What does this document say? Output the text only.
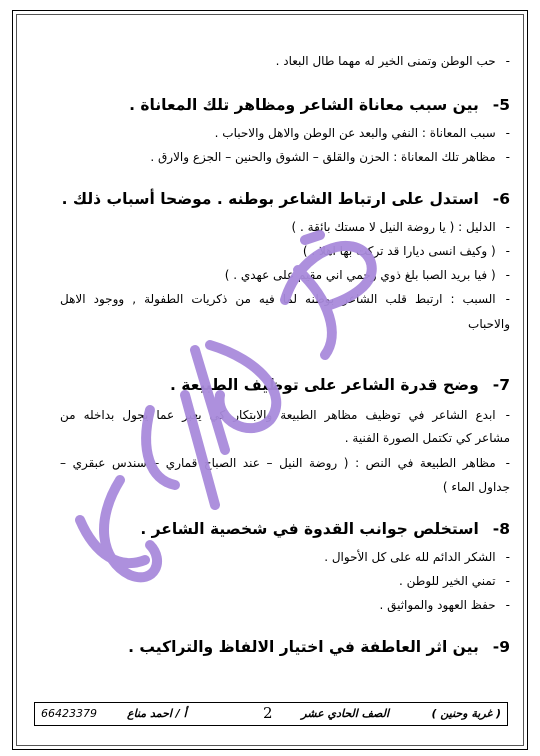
-حب الوطن وتمنى الخير له مهما طال البعاد .
5-بين سبب معاناة الشاعر ومظاهر تلك المعاناة .
-سبب المعاناة : النفي والبعد عن الوطن والاهل والاحباب .
-مظاهر تلك المعاناة : الحزن والقلق – الشوق والحنين – الجزع والارق .
6-استدل على ارتباط الشاعر بوطنه . موضحا أسباب ذلك .
-الدليل : ( يا روضة النيل لا مستك بائقة . )
-( وكيف انسى ديارا قد تركت بها اهلا . )
-( فيا بريد الصبا بلغ ذوي رحمي اني مقيم على عهدي . )
-السبب : ارتبط قلب الشاعر بوطنه لما فيه من ذكريات الطفولة , ووجود الاهل
والاحباب
7-وضح قدرة الشاعر على توظيف الطبيعة .
-ابدع الشاعر في توظيف مظاهر الطبيعة والابتكار كي يعبر عما يجول بداخله من
مشاعر كي تكتمل الصورة الفنية .
-مظاهر الطبيعة في النص : ( روضة النيل – عند الصباح قماري – سندس عبقري –
جداول الماء )
8-استخلص جوانب القدوة في شخصية الشاعر .
-الشكر الدائم لله على كل الأحوال .
-تمني الخير للوطن .
-حفظ العهود والمواثيق .
9-بين اثر العاطفة في اختيار الالفاظ والتراكيب .
( غربة وحنين )
الصف الحادي عشر
2
أ / احمد مناع
66423379
